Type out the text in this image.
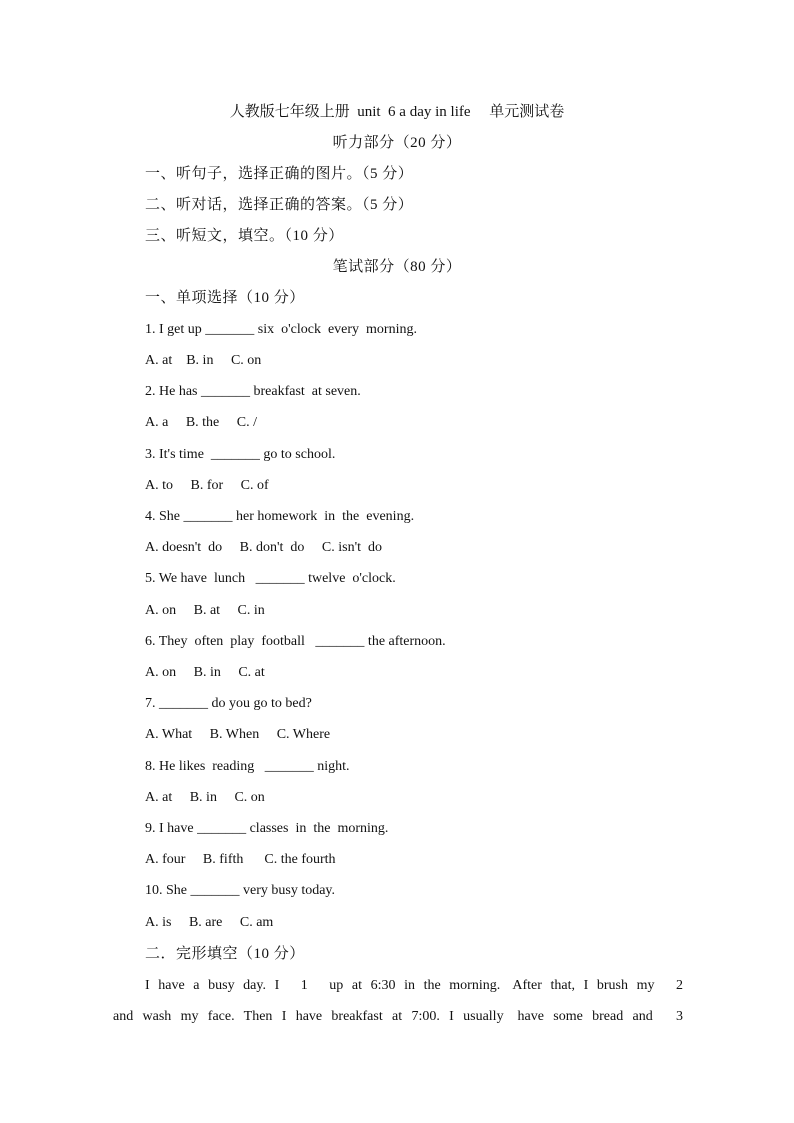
人教版七年级上册  unit  6 a day in life     单元测试卷
听力部分（20 分）
一、听句子，选择正确的图片。（5 分）
二、听对话，选择正确的答案。（5 分）
三、听短文，填空。（10 分）
笔试部分（80 分）
一、单项选择（10 分）
1. I get up _______ six  o'clock  every  morning.
A. at    B. in     C. on
2. He has _______ breakfast  at seven.
A. a     B. the     C. /
3. It's time  _______ go to school.
A. to     B. for     C. of
4. She _______ her homework  in  the  evening.
A. doesn't  do     B. don't  do     C. isn't  do
5. We have  lunch   _______ twelve  o'clock.
A. on     B. at     C. in
6. They  often  play  football   _______ the afternoon.
A. on     B. in     C. at
7. _______ do you go to bed?
A. What     B. When     C. Where
8. He likes  reading   _______ night.
A. at     B. in     C. on
9. I have _______ classes  in  the  morning.
A. four     B. fifth      C. the fourth
10. She _______ very busy today.
A. is     B. are     C. am
二．完形填空（10 分）
I  have  a  busy  day.  I     1     up  at  6:30  in  the  morning.   After  that,  I  brush  my     2
and  wash  my  face.  Then  I  have  breakfast  at  7:00.  I  usually   have  some  bread  and     3
